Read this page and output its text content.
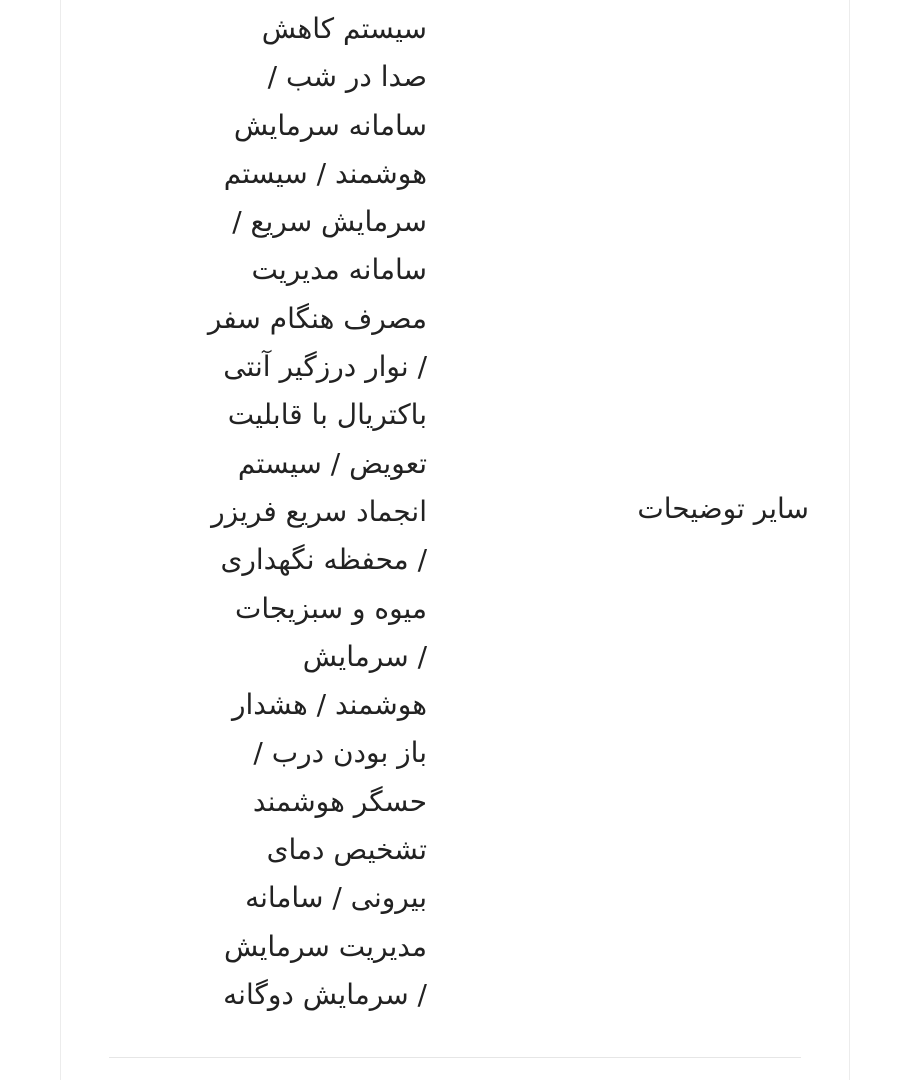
سایر توضیحات
سیستم کاهش
صدا در شب /
سامانه سرمایش
هوشمند / سیستم
سرمایش سریع /
سامانه مدیریت
مصرف هنگام سفر
/ نوار درزگیر آنتی
باکتریال با قابلیت
تعویض / سیستم
انجماد سریع فریزر
/ محفظه نگهداری
میوه و سبزیجات
/ سرمایش
هوشمند / هشدار
باز بودن درب /
حسگر هوشمند
تشخیص دمای
بیرونی / سامانه
مدیریت سرمایش
/ سرمایش دوگانه
